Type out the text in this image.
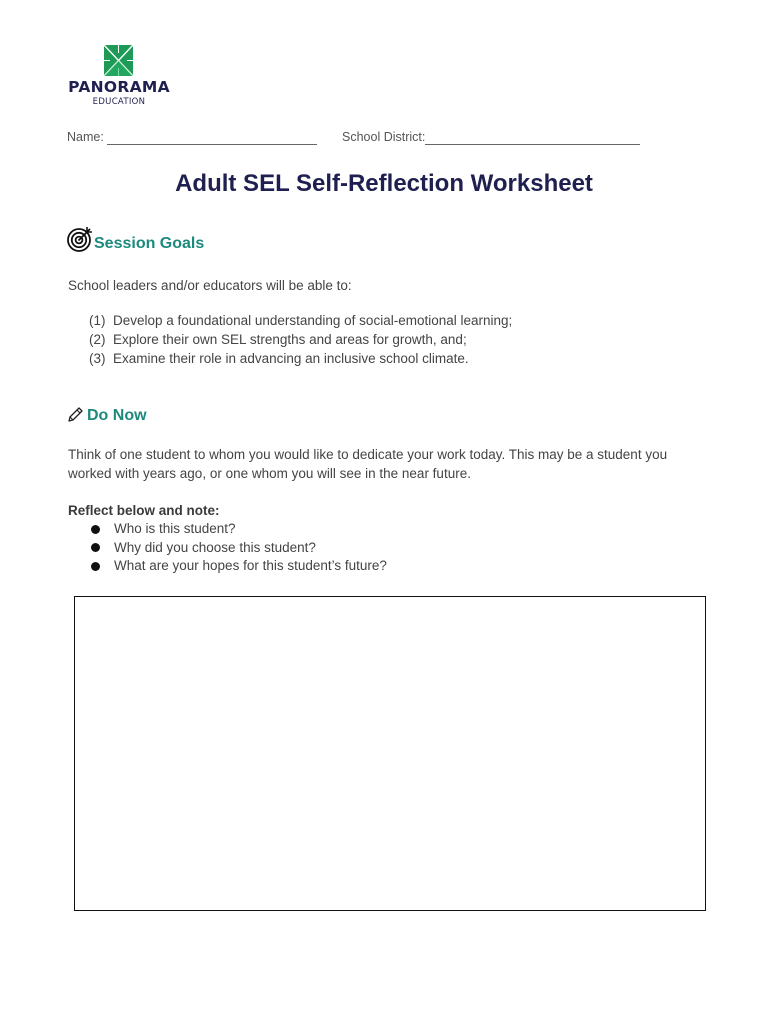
PANORAMA
EDUCATION
Name:	School District:
Adult SEL Self-Reflection Worksheet
Session Goals
School leaders and/or educators will be able to:
(1) Develop a foundational understanding of social-emotional learning;
(2) Explore their own SEL strengths and areas for growth, and;
(3) Examine their role in advancing an inclusive school climate.
Do Now
Think of one student to whom you would like to dedicate your work today. This may be a student you worked with years ago, or one whom you will see in the near future.
Reflect below and note:
Who is this student?
Why did you choose this student?
What are your hopes for this student’s future?
